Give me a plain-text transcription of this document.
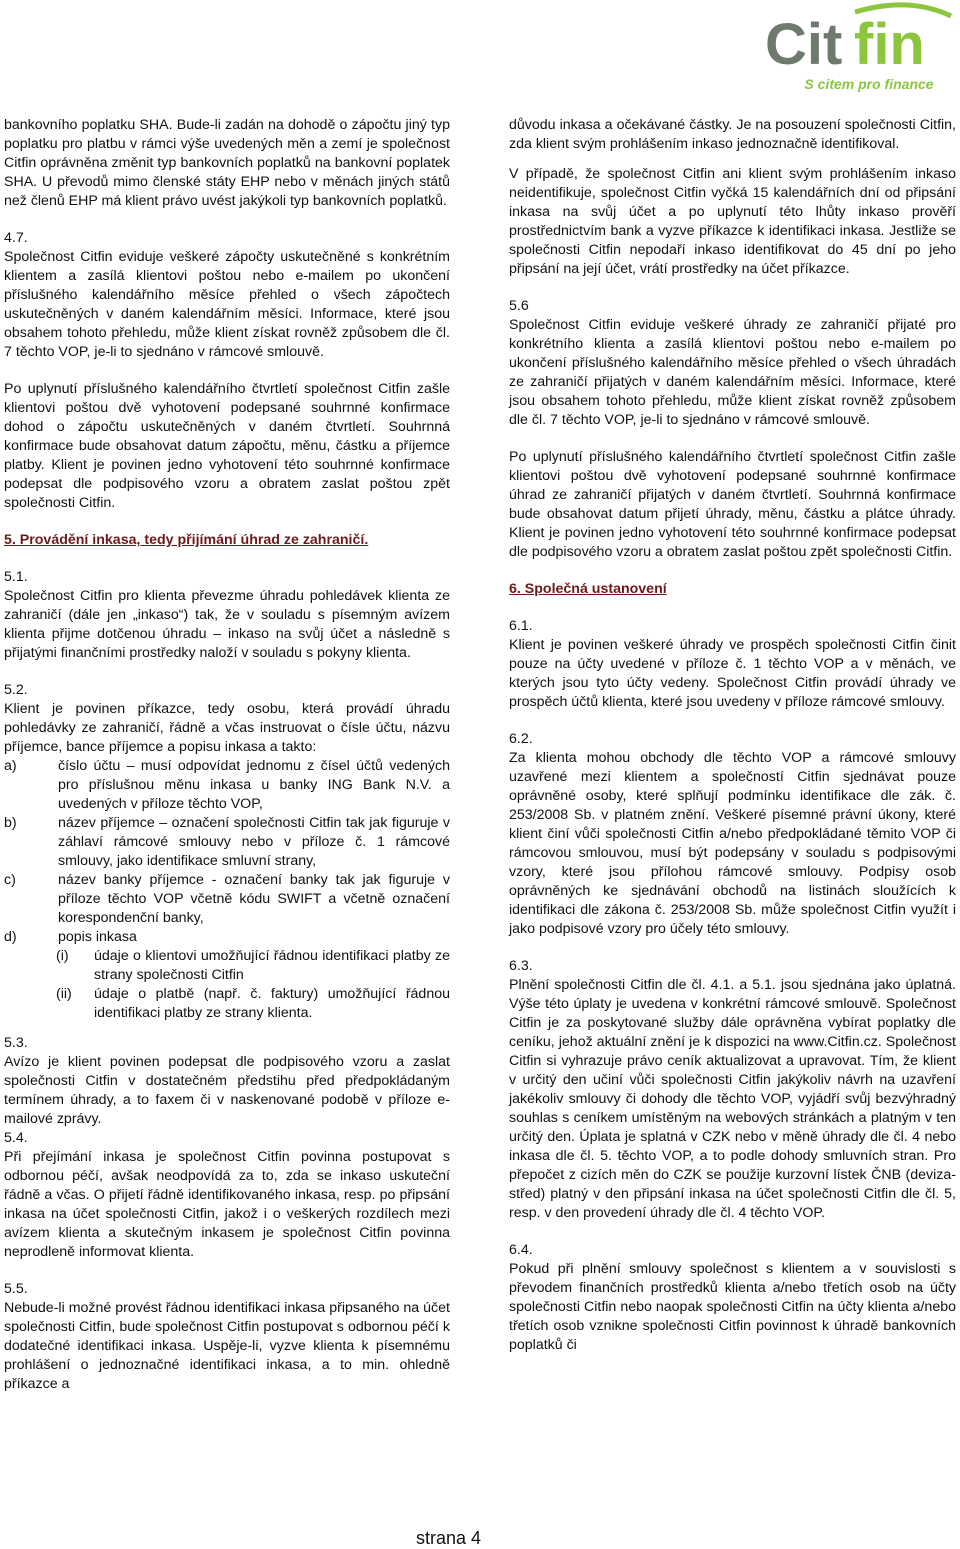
Cit fin
S citem pro finance

bankovního poplatku SHA. Bude-li zadán na dohodě o zápočtu jiný typ poplatku pro platbu v rámci výše uvedených měn a zemí je společnost Citfin oprávněna změnit typ bankovních poplatků na bankovní poplatek SHA. U převodů mimo členské státy EHP nebo v měnách jiných států než členů EHP má klient právo uvést jakýkoli typ bankovních poplatků.

4.7.

Společnost Citfin eviduje veškeré zápočty uskutečněné s konkrétním klientem a zasílá klientovi poštou nebo e-mailem po ukončení příslušného kalendářního měsíce přehled o všech zápočtech uskutečněných v daném kalendářním měsíci. Informace, které jsou obsahem tohoto přehledu, může klient získat rovněž způsobem dle čl. 7 těchto VOP, je-li to sjednáno v rámcové smlouvě.

Po uplynutí příslušného kalendářního čtvrtletí společnost Citfin zašle klientovi poštou dvě vyhotovení podepsané souhrnné konfirmace dohod o zápočtu uskutečněných v daném čtvrtletí. Souhrnná konfirmace bude obsahovat datum zápočtu, měnu, částku a příjemce platby. Klient je povinen jedno vyhotovení této souhrnné konfirmace podepsat dle podpisového vzoru a obratem zaslat poštou zpět společnosti Citfin.

5. Provádění inkasa, tedy přijímání úhrad ze zahraničí.

5.1.

Společnost Citfin pro klienta převezme úhradu pohledávek klienta ze zahraničí (dále jen „inkaso“) tak, že v souladu s písemným avízem klienta přijme dotčenou úhradu – inkaso na svůj účet a následně s přijatými finančními prostředky naloží v souladu s pokyny klienta.

5.2.

Klient je povinen příkazce, tedy osobu, která provádí úhradu pohledávky ze zahraničí, řádně a včas instruovat o čísle účtu, názvu příjemce, bance příjemce a popisu inkasa a takto:

a)	číslo účtu – musí odpovídat jednomu z čísel účtů vedených pro příslušnou měnu inkasa u banky ING Bank N.V. a uvedených v příloze těchto VOP,
b)	název příjemce – označení společnosti Citfin tak jak figuruje v záhlaví rámcové smlouvy nebo v příloze č. 1 rámcové smlouvy, jako identifikace smluvní strany,
c)	název banky příjemce - označení banky tak jak figuruje v příloze těchto VOP včetně kódu SWIFT a včetně označení korespondenční banky,
d)	popis inkasa
(i)	údaje o klientovi umožňující řádnou identifikaci platby ze strany společnosti Citfin
(ii)	údaje o platbě (např. č. faktury) umožňující řádnou identifikaci platby ze strany klienta.

5.3.

Avízo je klient povinen podepsat dle podpisového vzoru a zaslat společnosti Citfin v dostatečném předstihu před předpokládaným termínem úhrady, a to faxem či v naskenované podobě v příloze e-mailové zprávy.

5.4.

Při přejímání inkasa je společnost Citfin povinna postupovat s odbornou péčí, avšak neodpovídá za to, zda se inkaso uskuteční řádně a včas. O přijetí řádně identifikovaného inkasa, resp. po připsání inkasa na účet společnosti Citfin, jakož i o veškerých rozdílech mezi avízem klienta a skutečným inkasem je společnost Citfin povinna neprodleně informovat klienta.

5.5.

Nebude-li možné provést řádnou identifikaci inkasa připsaného na účet společnosti Citfin, bude společnost Citfin postupovat s odbornou péčí k dodatečné identifikaci inkasa. Uspěje-li, vyzve klienta k písemnému prohlášení o jednoznačné identifikaci inkasa, a to min. ohledně příkazce a

důvodu inkasa a očekávané částky. Je na posouzení společnosti Citfin, zda klient svým prohlášením inkaso jednoznačně identifikoval.

V případě, že společnost Citfin ani klient svým prohlášením inkaso neidentifikuje, společnost Citfin vyčká 15 kalendářních dní od připsání inkasa na svůj účet a po uplynutí této lhůty inkaso prověří prostřednictvím bank a vyzve příkazce k identifikaci inkasa. Jestliže se společnosti Citfin nepodaří inkaso identifikovat do 45 dní po jeho připsání na její účet, vrátí prostředky na účet příkazce.

5.6

Společnost Citfin eviduje veškeré úhrady ze zahraničí přijaté pro konkrétního klienta a zasílá klientovi poštou nebo e-mailem po ukončení příslušného kalendářního měsíce přehled o všech úhradách ze zahraničí přijatých v daném kalendářním měsíci. Informace, které jsou obsahem tohoto přehledu, může klient získat rovněž způsobem dle čl. 7 těchto VOP, je-li to sjednáno v rámcové smlouvě.

Po uplynutí příslušného kalendářního čtvrtletí společnost Citfin zašle klientovi poštou dvě vyhotovení podepsané souhrnné konfirmace úhrad ze zahraničí přijatých v daném čtvrtletí. Souhrnná konfirmace bude obsahovat datum přijetí úhrady, měnu, částku a plátce úhrady. Klient je povinen jedno vyhotovení této souhrnné konfirmace podepsat dle podpisového vzoru a obratem zaslat poštou zpět společnosti Citfin.

6. Společná ustanovení

6.1.

Klient je povinen veškeré úhrady ve prospěch společnosti Citfin činit pouze na účty uvedené v příloze č. 1 těchto VOP a v měnách, ve kterých jsou tyto účty vedeny. Společnost Citfin provádí úhrady ve prospěch účtů klienta, které jsou uvedeny v příloze rámcové smlouvy.

6.2.

Za klienta mohou obchody dle těchto VOP a rámcové smlouvy uzavřené mezi klientem a společností Citfin sjednávat pouze oprávněné osoby, které splňují podmínku identifikace dle zák. č. 253/2008 Sb. v platném znění. Veškeré písemné právní úkony, které klient činí vůči společnosti Citfin a/nebo předpokládané těmito VOP či rámcovou smlouvou, musí být podepsány v souladu s podpisovými vzory, které jsou přílohou rámcové smlouvy. Podpisy osob oprávněných ke sjednávání obchodů na listinách sloužících k identifikaci dle zákona č. 253/2008 Sb. může společnost Citfin využít i jako podpisové vzory pro účely této smlouvy.

6.3.

Plnění společnosti Citfin dle čl. 4.1. a 5.1. jsou sjednána jako úplatná. Výše této úplaty je uvedena v konkrétní rámcové smlouvě. Společnost Citfin je za poskytované služby dále oprávněna vybírat poplatky dle ceníku, jehož aktuální znění je k dispozici na www.Citfin.cz. Společnost Citfin si vyhrazuje právo ceník aktualizovat a upravovat. Tím, že klient v určitý den učiní vůči společnosti Citfin jakýkoliv návrh na uzavření jakékoliv smlouvy či dohody dle těchto VOP, vyjádří svůj bezvýhradný souhlas s ceníkem umístěným na webových stránkách a platným v ten určitý den. Úplata je splatná v CZK nebo v měně úhrady dle čl. 4 nebo inkasa dle čl. 5. těchto VOP, a to podle dohody smluvních stran. Pro přepočet z cizích měn do CZK se použije kurzovní lístek ČNB (deviza-střed) platný v den připsání inkasa na účet společnosti Citfin dle čl. 5, resp. v den provedení úhrady dle čl. 4 těchto VOP.

6.4.

Pokud při plnění smlouvy společnost s klientem a v souvislosti s převodem finančních prostředků klienta a/nebo třetích osob na účty společnosti Citfin nebo naopak společnosti Citfin na účty klienta a/nebo třetích osob vznikne společnosti Citfin povinnost k úhradě bankovních poplatků či

strana 4
